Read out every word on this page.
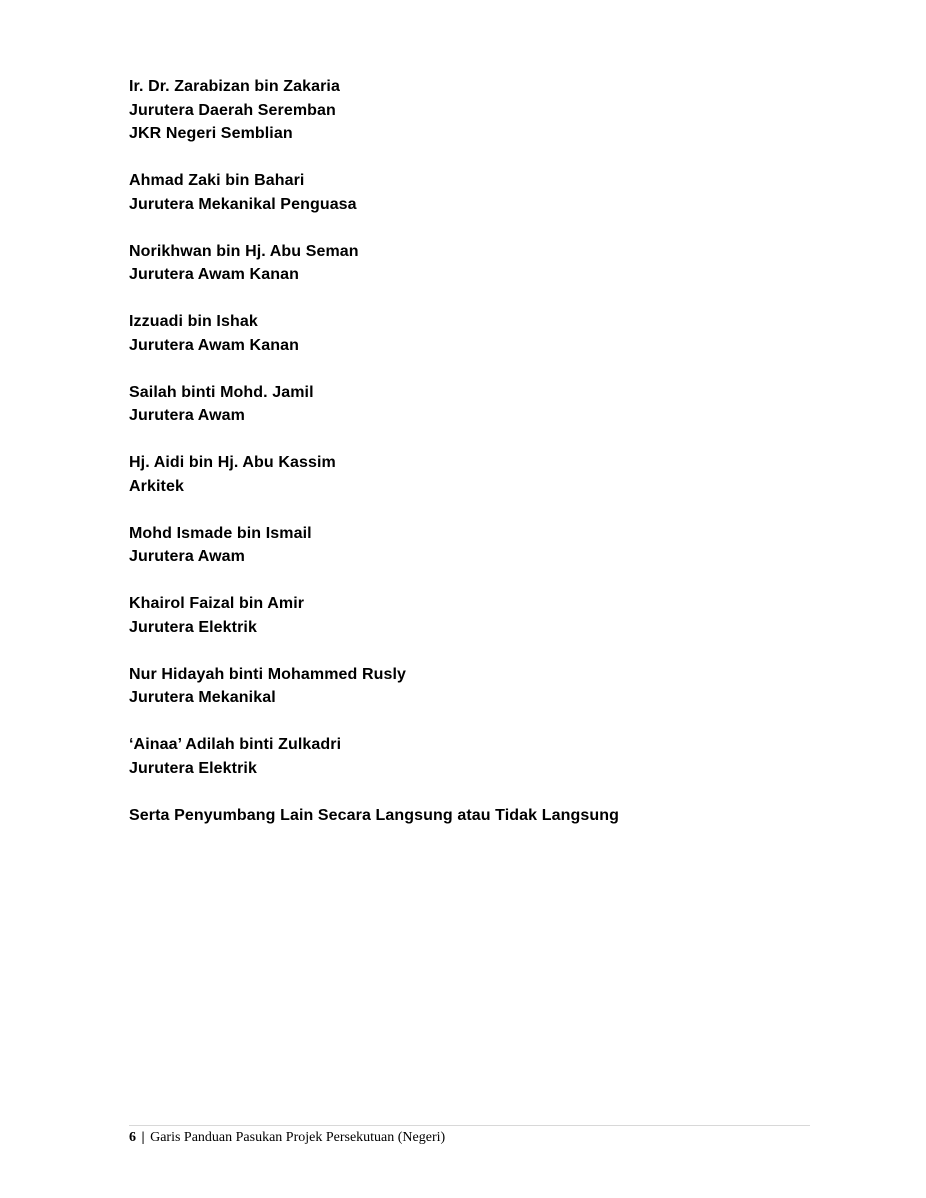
Ir. Dr. Zarabizan bin Zakaria
Jurutera Daerah Seremban
JKR Negeri Semblian
Ahmad Zaki bin Bahari
Jurutera Mekanikal Penguasa
Norikhwan bin Hj. Abu Seman
Jurutera Awam Kanan
Izzuadi bin Ishak
Jurutera Awam Kanan
Sailah binti Mohd. Jamil
Jurutera Awam
Hj. Aidi bin Hj. Abu Kassim
Arkitek
Mohd Ismade bin Ismail
Jurutera Awam
Khairol Faizal bin Amir
Jurutera Elektrik
Nur Hidayah binti Mohammed Rusly
Jurutera Mekanikal
‘Ainaa’ Adilah binti Zulkadri
Jurutera Elektrik
Serta Penyumbang Lain Secara Langsung atau Tidak Langsung
6 | Garis Panduan Pasukan Projek Persekutuan (Negeri)
